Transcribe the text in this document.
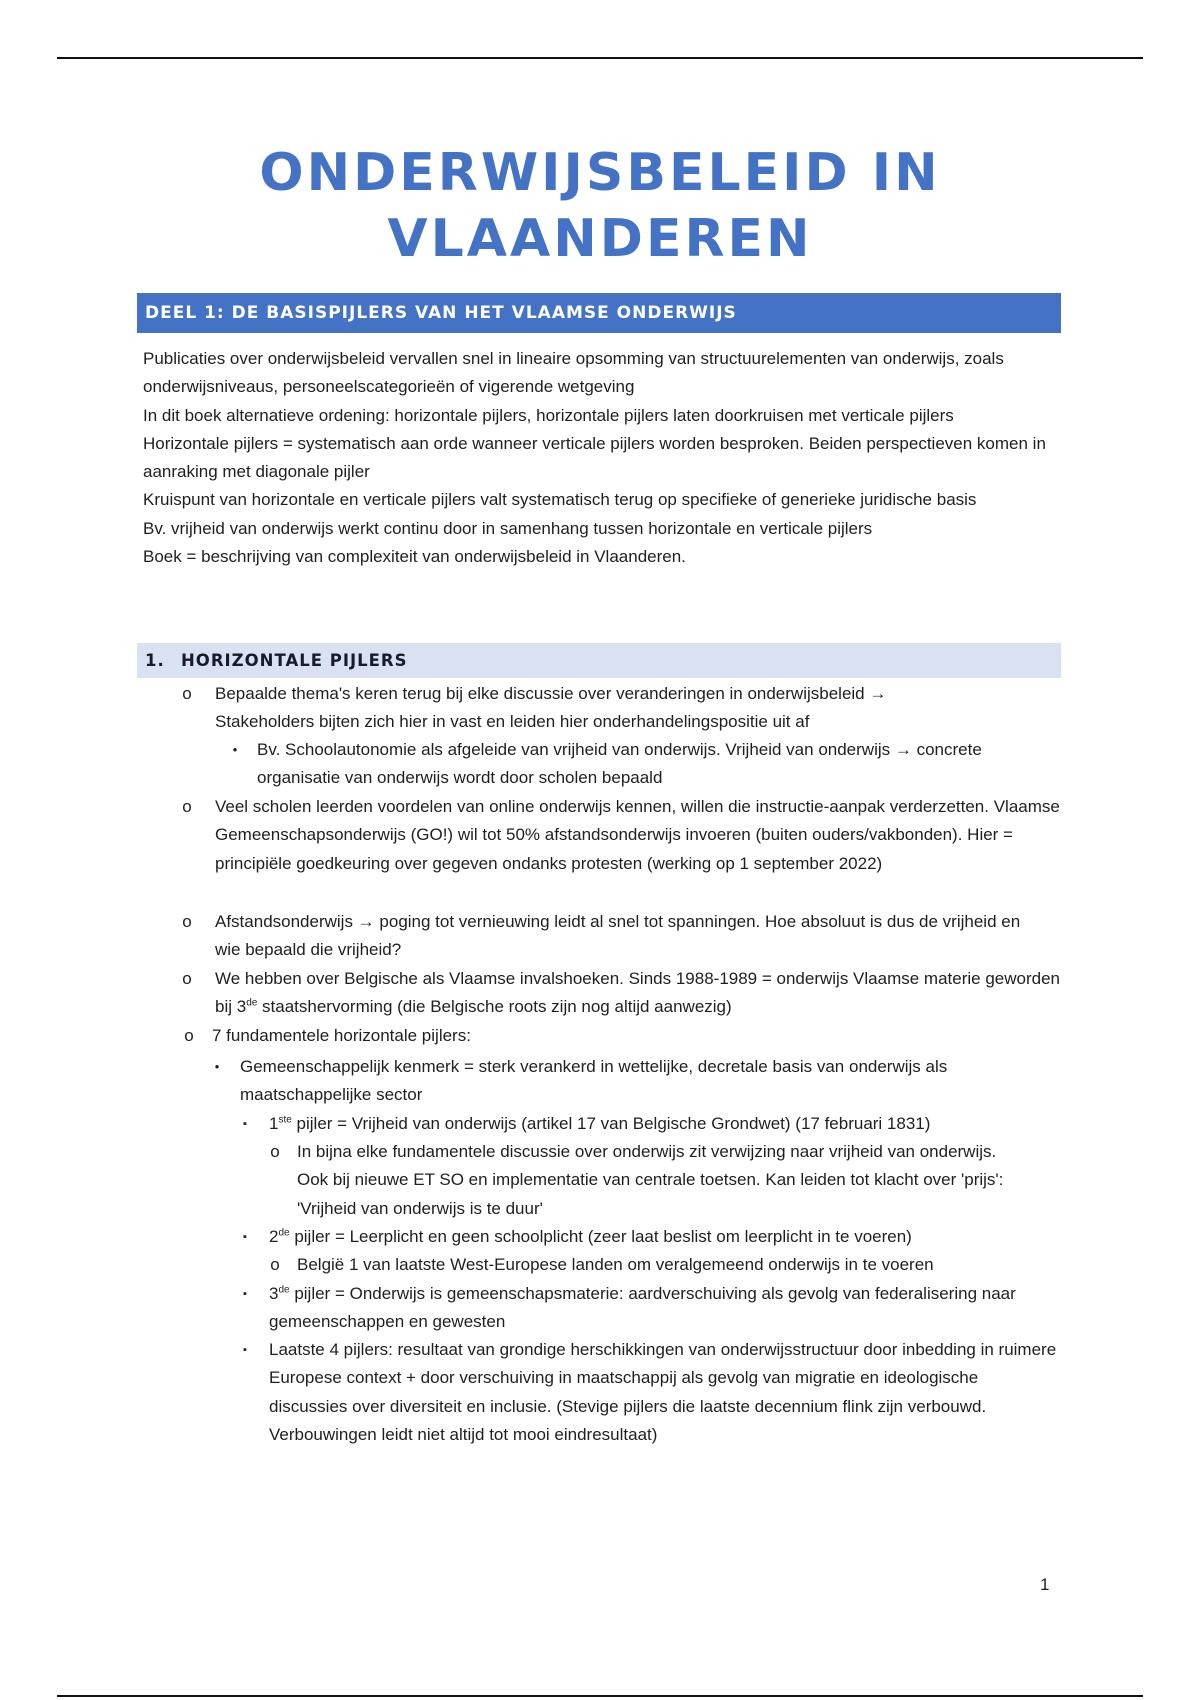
ONDERWIJSBELEID IN
VLAANDEREN
DEEL 1: DE BASISPIJLERS VAN HET VLAAMSE ONDERWIJS

Publicaties over onderwijsbeleid vervallen snel in lineaire opsomming van structuurelementen van onderwijs, zoals onderwijsniveaus, personeelscategorieën of vigerende wetgeving

In dit boek alternatieve ordening: horizontale pijlers, horizontale pijlers laten doorkruisen met verticale pijlers

Horizontale pijlers = systematisch aan orde wanneer verticale pijlers worden besproken. Beiden perspectieven komen in aanraking met diagonale pijler

Kruispunt van horizontale en verticale pijlers valt systematisch terug op specifieke of generieke juridische basis

Bv. vrijheid van onderwijs werkt continu door in samenhang tussen horizontale en verticale pijlers

Boek = beschrijving van complexiteit van onderwijsbeleid in Vlaanderen.

1. HORIZONTALE PIJLERS
o Bepaalde thema's keren terug bij elke discussie over veranderingen in onderwijsbeleid → Stakeholders bijten zich hier in vast en leiden hier onderhandelingspositie uit af
• Bv. Schoolautonomie als afgeleide van vrijheid van onderwijs. Vrijheid van onderwijs → concrete organisatie van onderwijs wordt door scholen bepaald
o Veel scholen leerden voordelen van online onderwijs kennen, willen die instructie-aanpak verderzetten. Vlaamse Gemeenschapsonderwijs (GO!) wil tot 50% afstandsonderwijs invoeren (buiten ouders/vakbonden). Hier = principiële goedkeuring over gegeven ondanks protesten (werking op 1 september 2022)
o Afstandsonderwijs → poging tot vernieuwing leidt al snel tot spanningen. Hoe absoluut is dus de vrijheid en wie bepaald die vrijheid?
o We hebben over Belgische als Vlaamse invalshoeken. Sinds 1988-1989 = onderwijs Vlaamse materie geworden bij 3de staatshervorming (die Belgische roots zijn nog altijd aanwezig)
o 7 fundamentele horizontale pijlers:
• Gemeenschappelijk kenmerk = sterk verankerd in wettelijke, decretale basis van onderwijs als maatschappelijke sector
▪ 1ste pijler = Vrijheid van onderwijs (artikel 17 van Belgische Grondwet) (17 februari 1831)
o In bijna elke fundamentele discussie over onderwijs zit verwijzing naar vrijheid van onderwijs. Ook bij nieuwe ET SO en implementatie van centrale toetsen. Kan leiden tot klacht over 'prijs': 'Vrijheid van onderwijs is te duur'
▪ 2de pijler = Leerplicht en geen schoolplicht (zeer laat beslist om leerplicht in te voeren)
o België 1 van laatste West-Europese landen om veralgemeend onderwijs in te voeren
▪ 3de pijler = Onderwijs is gemeenschapsmaterie: aardverschuiving als gevolg van federalisering naar gemeenschappen en gewesten
▪ Laatste 4 pijlers: resultaat van grondige herschikkingen van onderwijsstructuur door inbedding in ruimere Europese context + door verschuiving in maatschappij als gevolg van migratie en ideologische discussies over diversiteit en inclusie. (Stevige pijlers die laatste decennium flink zijn verbouwd. Verbouwingen leidt niet altijd tot mooi eindresultaat)
1
